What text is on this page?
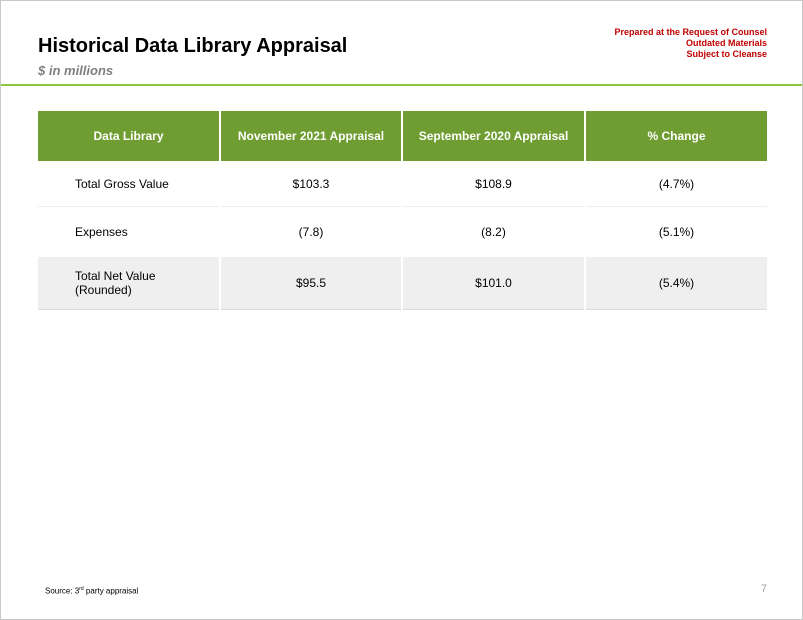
Historical Data Library Appraisal
$ in millions
Prepared at the Request of Counsel
Outdated Materials
Subject to Cleanse
Data Library	November 2021 Appraisal	September 2020 Appraisal	% Change
Total Gross Value	$103.3	$108.9	(4.7%)
Expenses	(7.8)	(8.2)	(5.1%)
Total Net Value
(Rounded)	$95.5	$101.0	(5.4%)
Source: 3rd party appraisal	7
